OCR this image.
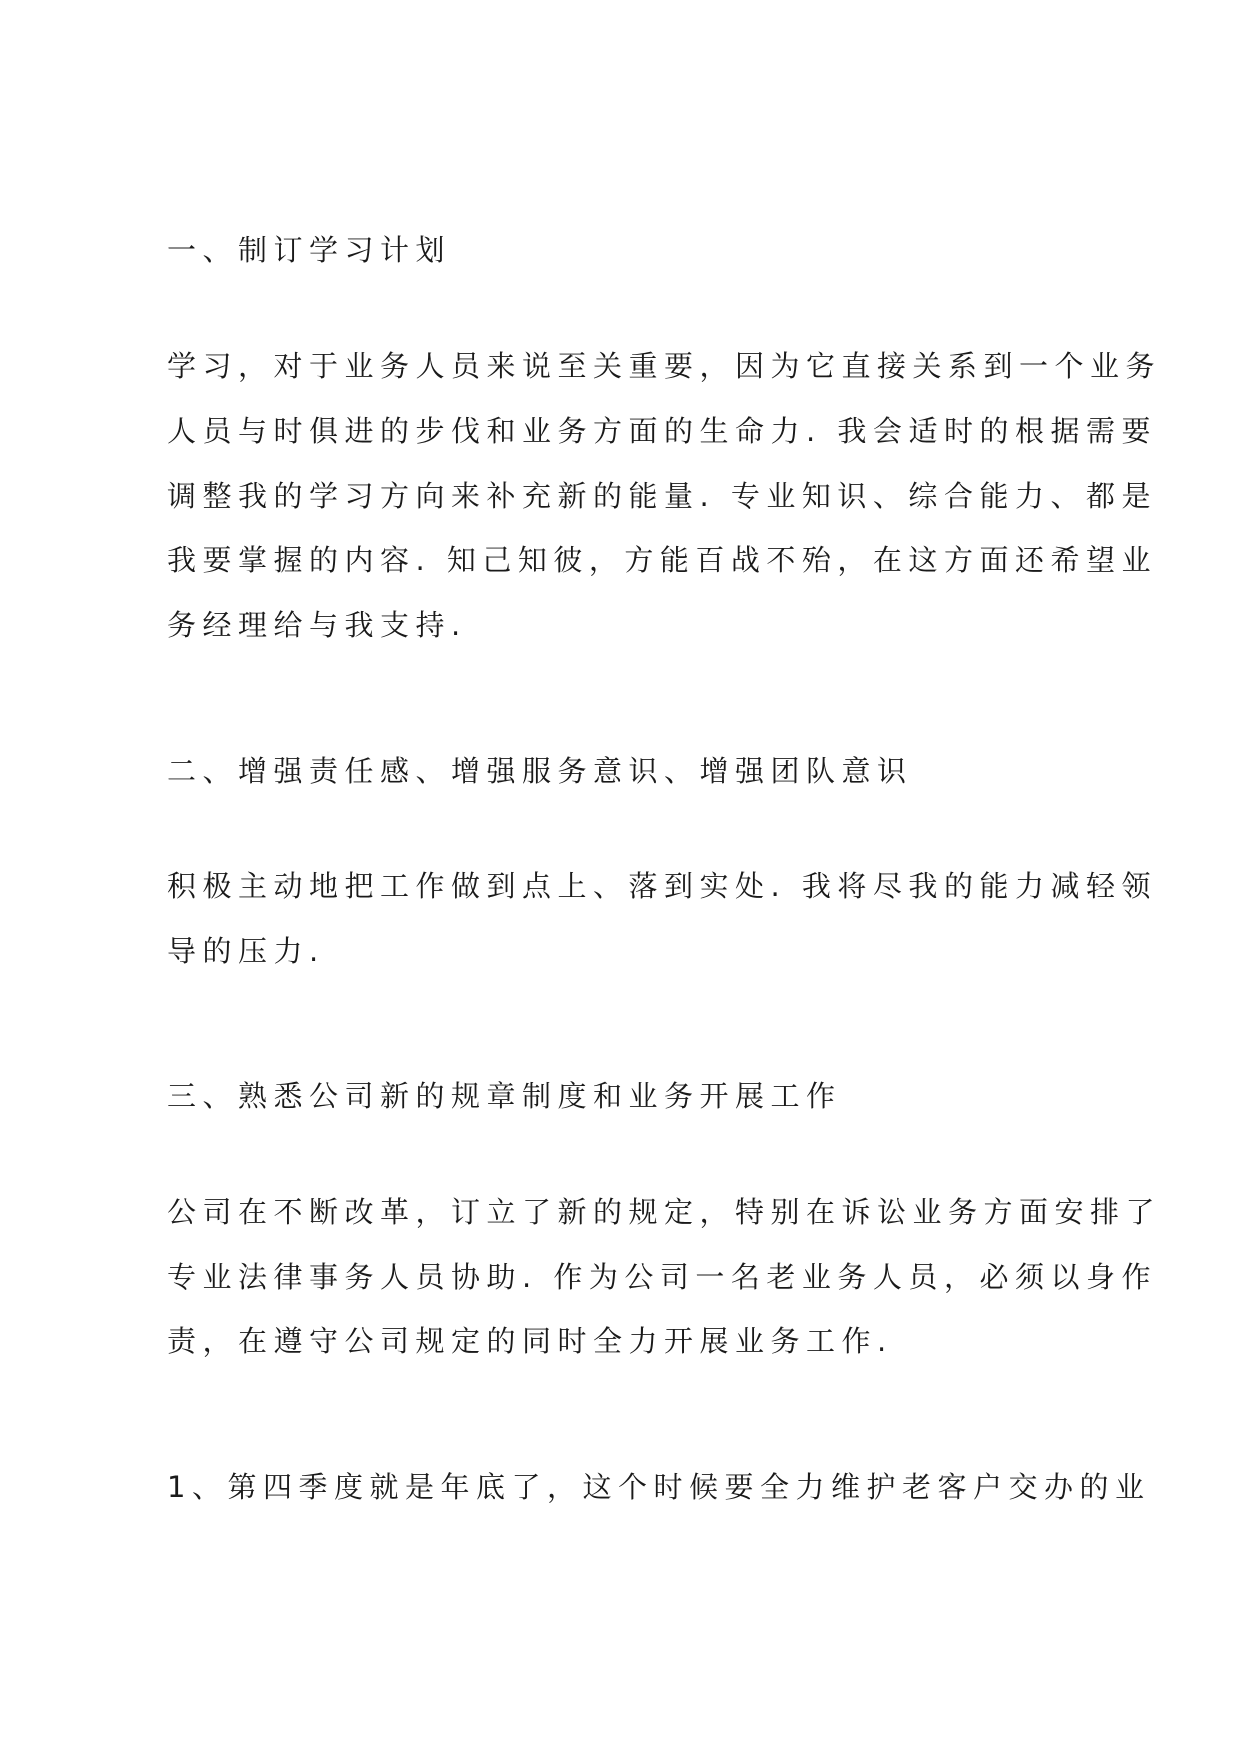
一、制订学习计划

学习，对于业务人员来说至关重要，因为它直接关系到一个业务

人员与时俱进的步伐和业务方面的生命力. 我会适时的根据需要

调整我的学习方向来补充新的能量. 专业知识、综合能力、都是

我要掌握的内容. 知己知彼，方能百战不殆，在这方面还希望业

务经理给与我支持.

二、增强责任感、增强服务意识、增强团队意识

积极主动地把工作做到点上、落到实处. 我将尽我的能力减轻领

导的压力.

三、熟悉公司新的规章制度和业务开展工作

公司在不断改革，订立了新的规定，特别在诉讼业务方面安排了

专业法律事务人员协助. 作为公司一名老业务人员，必须以身作

责，在遵守公司规定的同时全力开展业务工作.

1、第四季度就是年底了，这个时候要全力维护老客户交办的业
